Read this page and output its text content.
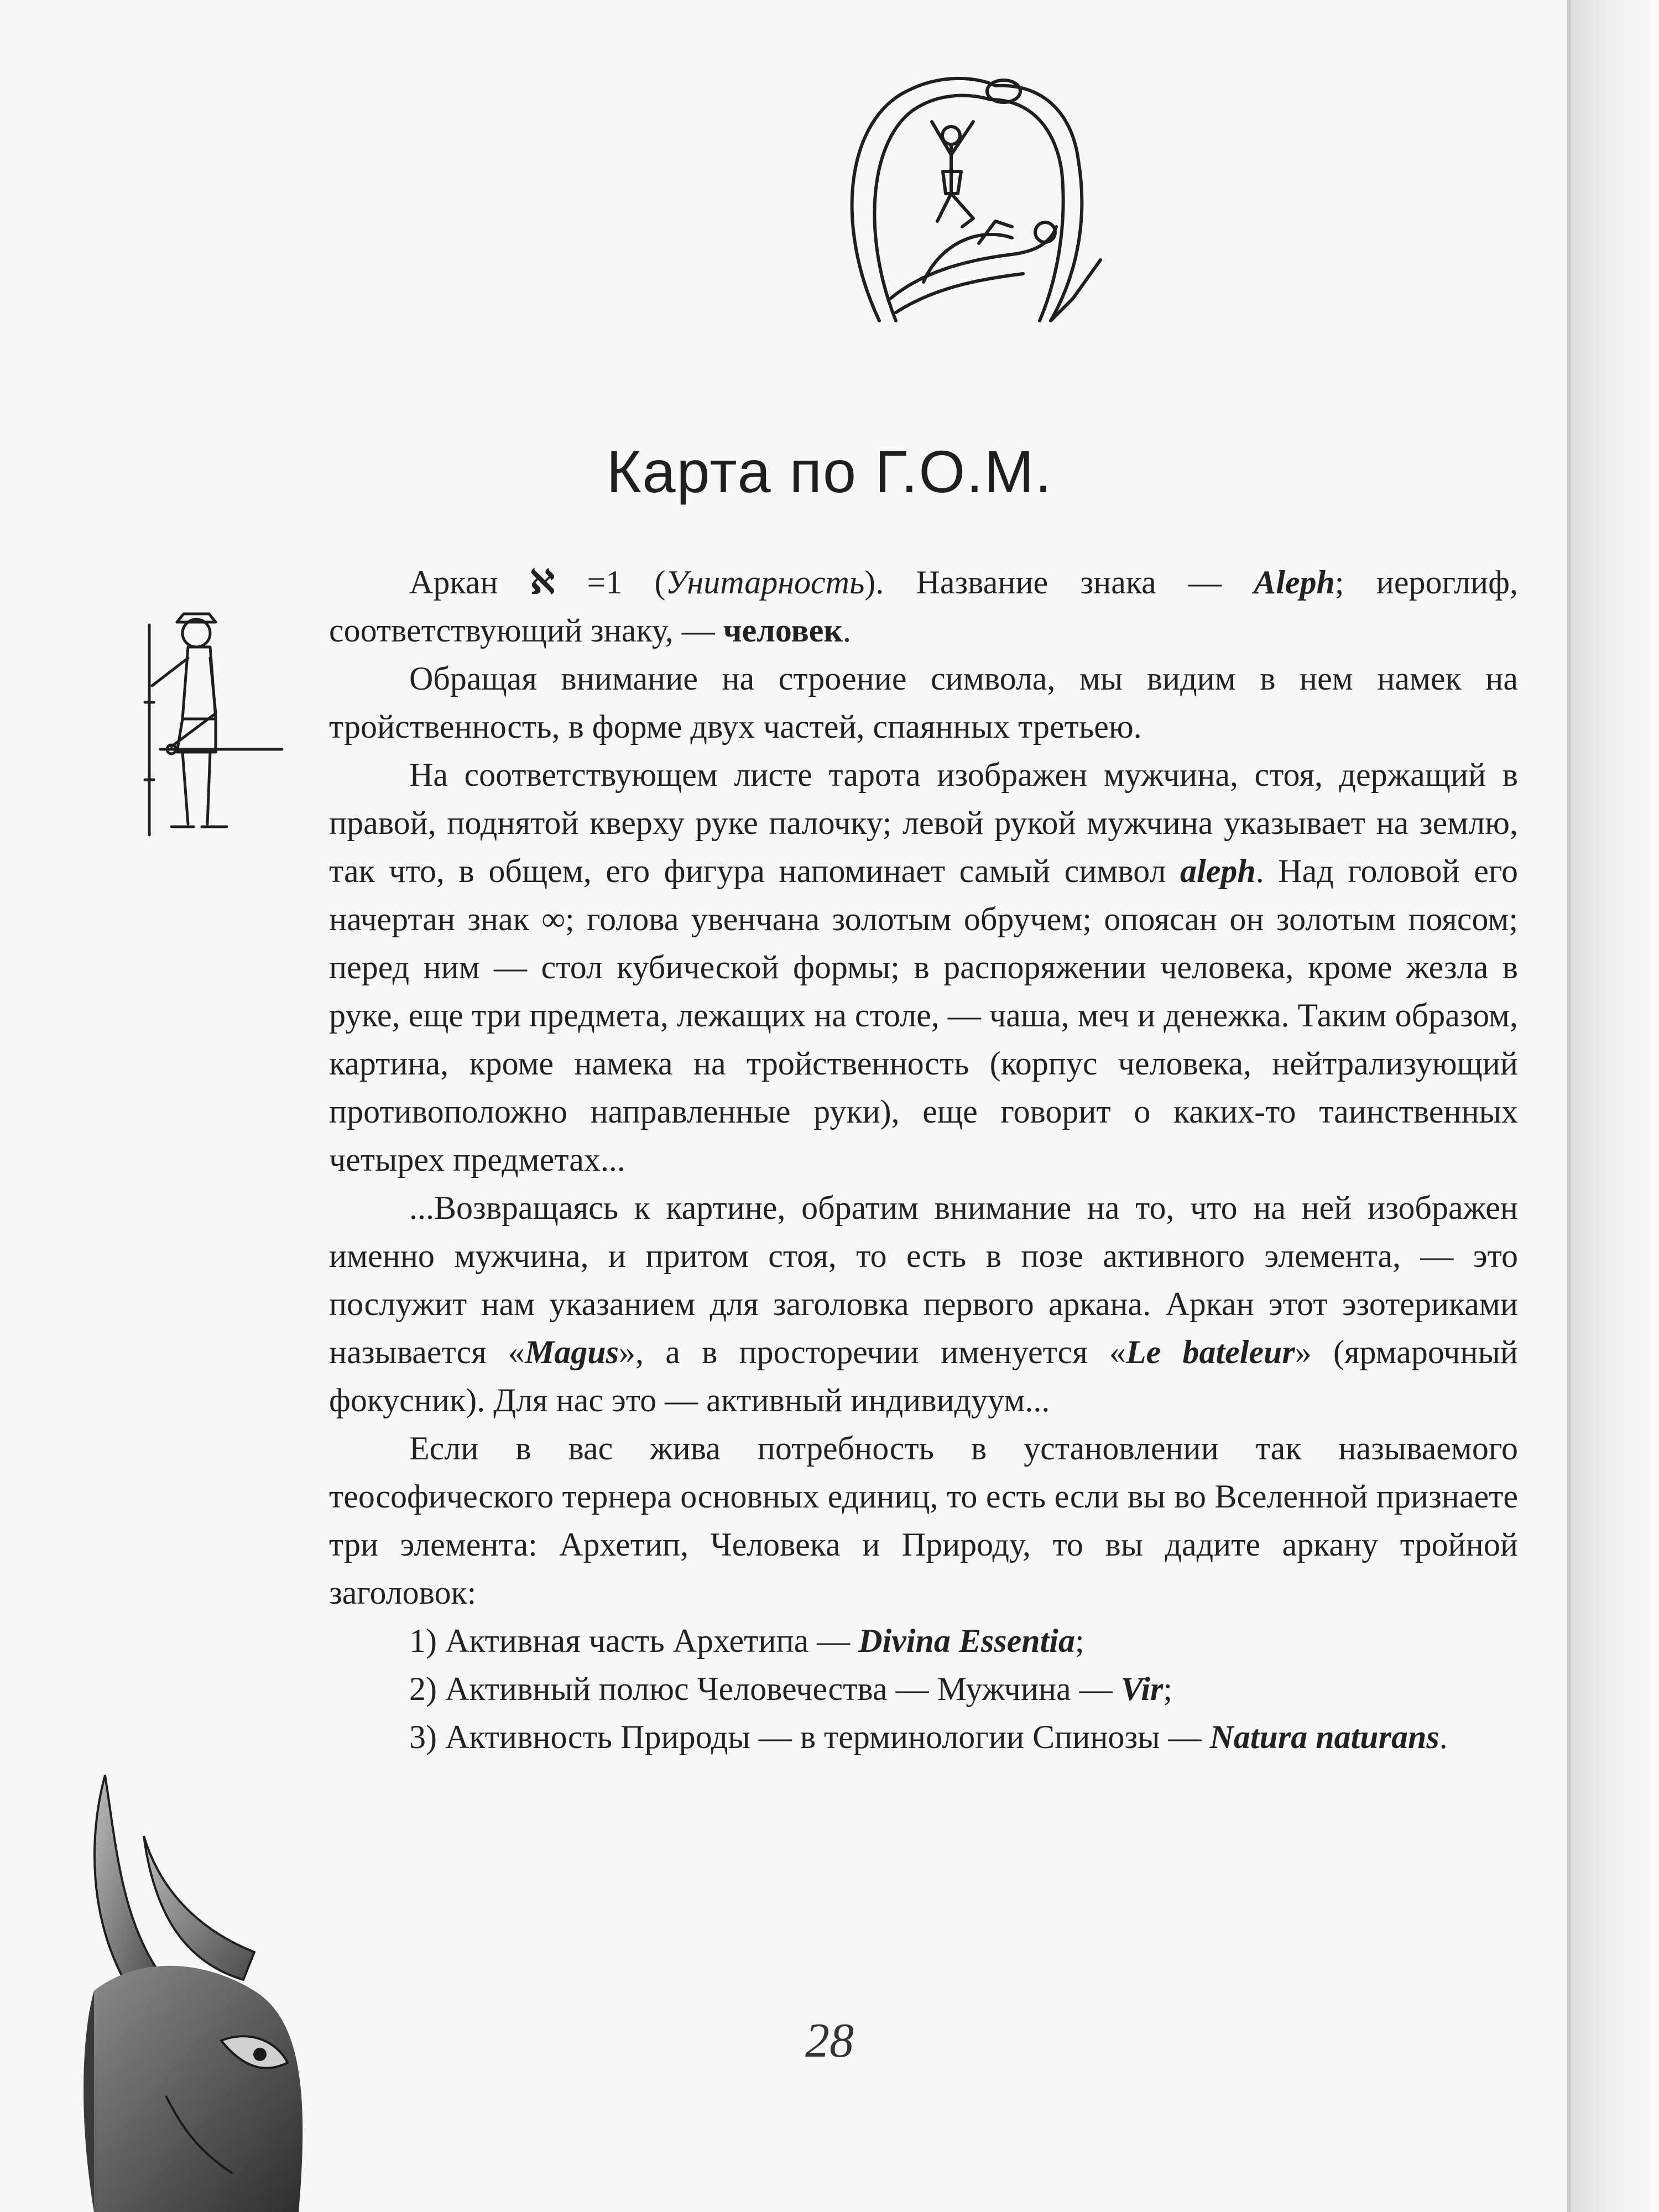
Карта по Г.О.М.

Аркан ℵ =1 (Унитарность). Название знака — Aleph; иероглиф, соответствующий знаку, — человек.

Обращая внимание на строение символа, мы видим в нем намек на тройственность, в форме двух частей, спаянных третьею.

На соответствующем листе тарота изображен мужчина, стоя, держащий в правой, поднятой кверху руке палочку; левой рукой мужчина указывает на землю, так что, в общем, его фигура напоминает самый символ aleph. Над головой его начертан знак ∞; голова увенчана золотым обручем; опоясан он золотым поясом; перед ним — стол кубической формы; в распоряжении человека, кроме жезла в руке, еще три предмета, лежащих на столе, — чаша, меч и денежка. Таким образом, картина, кроме намека на тройственность (корпус человека, нейтрализующий противоположно направленные руки), еще говорит о каких-то таинственных четырех предметах...

...Возвращаясь к картине, обратим внимание на то, что на ней изображен именно мужчина, и притом стоя, то есть в позе активного элемента, — это послужит нам указанием для заголовка первого аркана. Аркан этот эзотериками называется «Magus», а в просторечии именуется «Le bateleur» (ярмарочный фокусник). Для нас это — активный индивидуум...

Если в вас жива потребность в установлении так называемого теософического тернера основных единиц, то есть если вы во Вселенной признаете три элемента: Архетип, Человека и Природу, то вы дадите аркану тройной заголовок:

1) Активная часть Архетипа — Divina Essentia;

2) Активный полюс Человечества — Мужчина — Vir;

3) Активность Природы — в терминологии Спинозы — Natura naturans.

28
